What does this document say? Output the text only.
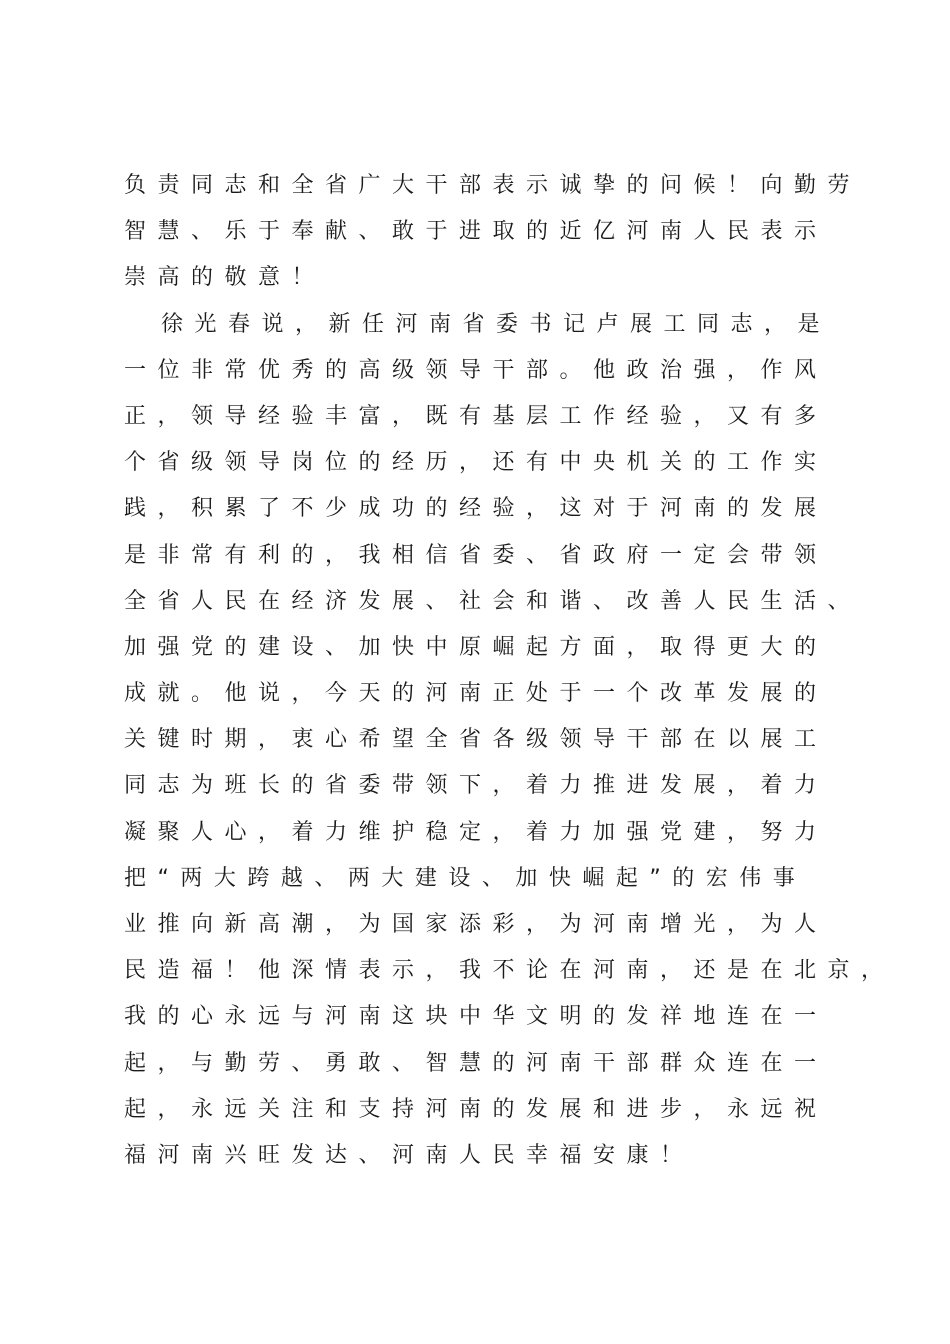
负责同志和全省广大干部表示诚挚的问候！向勤劳
智慧、乐于奉献、敢于进取的近亿河南人民表示
崇高的敬意！
徐光春说，新任河南省委书记卢展工同志，是
一位非常优秀的高级领导干部。他政治强，作风
正，领导经验丰富，既有基层工作经验，又有多
个省级领导岗位的经历，还有中央机关的工作实
践，积累了不少成功的经验，这对于河南的发展
是非常有利的，我相信省委、省政府一定会带领
全省人民在经济发展、社会和谐、改善人民生活、
加强党的建设、加快中原崛起方面，取得更大的
成就。他说，今天的河南正处于一个改革发展的
关键时期，衷心希望全省各级领导干部在以展工
同志为班长的省委带领下，着力推进发展，着力
凝聚人心，着力维护稳定，着力加强党建，努力
把“两大跨越、两大建设、加快崛起”的宏伟事
业推向新高潮，为国家添彩，为河南增光，为人
民造福！他深情表示，我不论在河南，还是在北京，
我的心永远与河南这块中华文明的发祥地连在一
起，与勤劳、勇敢、智慧的河南干部群众连在一
起，永远关注和支持河南的发展和进步，永远祝
福河南兴旺发达、河南人民幸福安康！
